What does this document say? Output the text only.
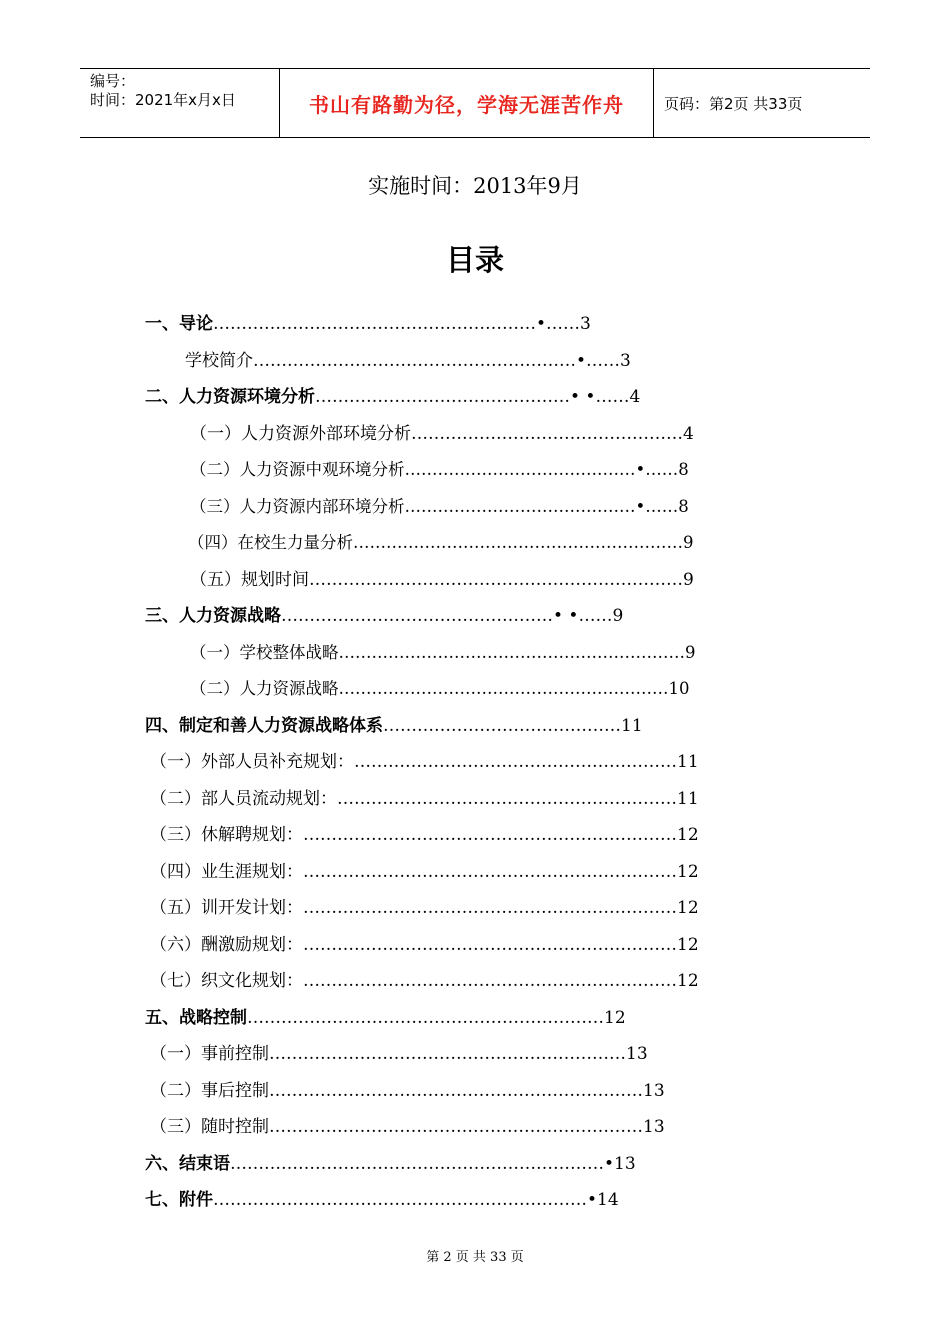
编号：
时间：2021年x月x日	书山有路勤为径，学海无涯苦作舟	页码：第2页 共33页
实施时间：2013年9月
目录
一、导论…………………………………………………•……3
学校简介…………………………………………………•……3
二、人力资源环境分析………………………………………• •……4
（一）人力资源外部环境分析…………………………………………4
（二）人力资源中观环境分析……………………………………•……8
（三）人力资源内部环境分析……………………………………•……8
（四）在校生力量分析……………………………………………………9
（五）规划时间…………………………………………………………9
三、人力资源战略…………………………………………• •……9
（一）学校整体战略………………………………………………………9
（二）人力资源战略……………………………………………………10
四、制定和善人力资源战略体系……………………………………11
（一）外部人员补充规划：…………………………………………………11
（二）部人员流动规划：……………………………………………………11
（三）休解聘规划：…………………………………………………………12
（四）业生涯规划：…………………………………………………………12
（五）训开发计划：…………………………………………………………12
（六）酬激励规划：…………………………………………………………12
（七）织文化规划：…………………………………………………………12
五、战略控制………………………………………………………12
（一）事前控制………………………………………………………13
（二）事后控制…………………………………………………………13
（三）随时控制…………………………………………………………13
六、结束语…………………………………………………………•13
七、附件…………………………………………………………•14
第 2 页 共 33 页
